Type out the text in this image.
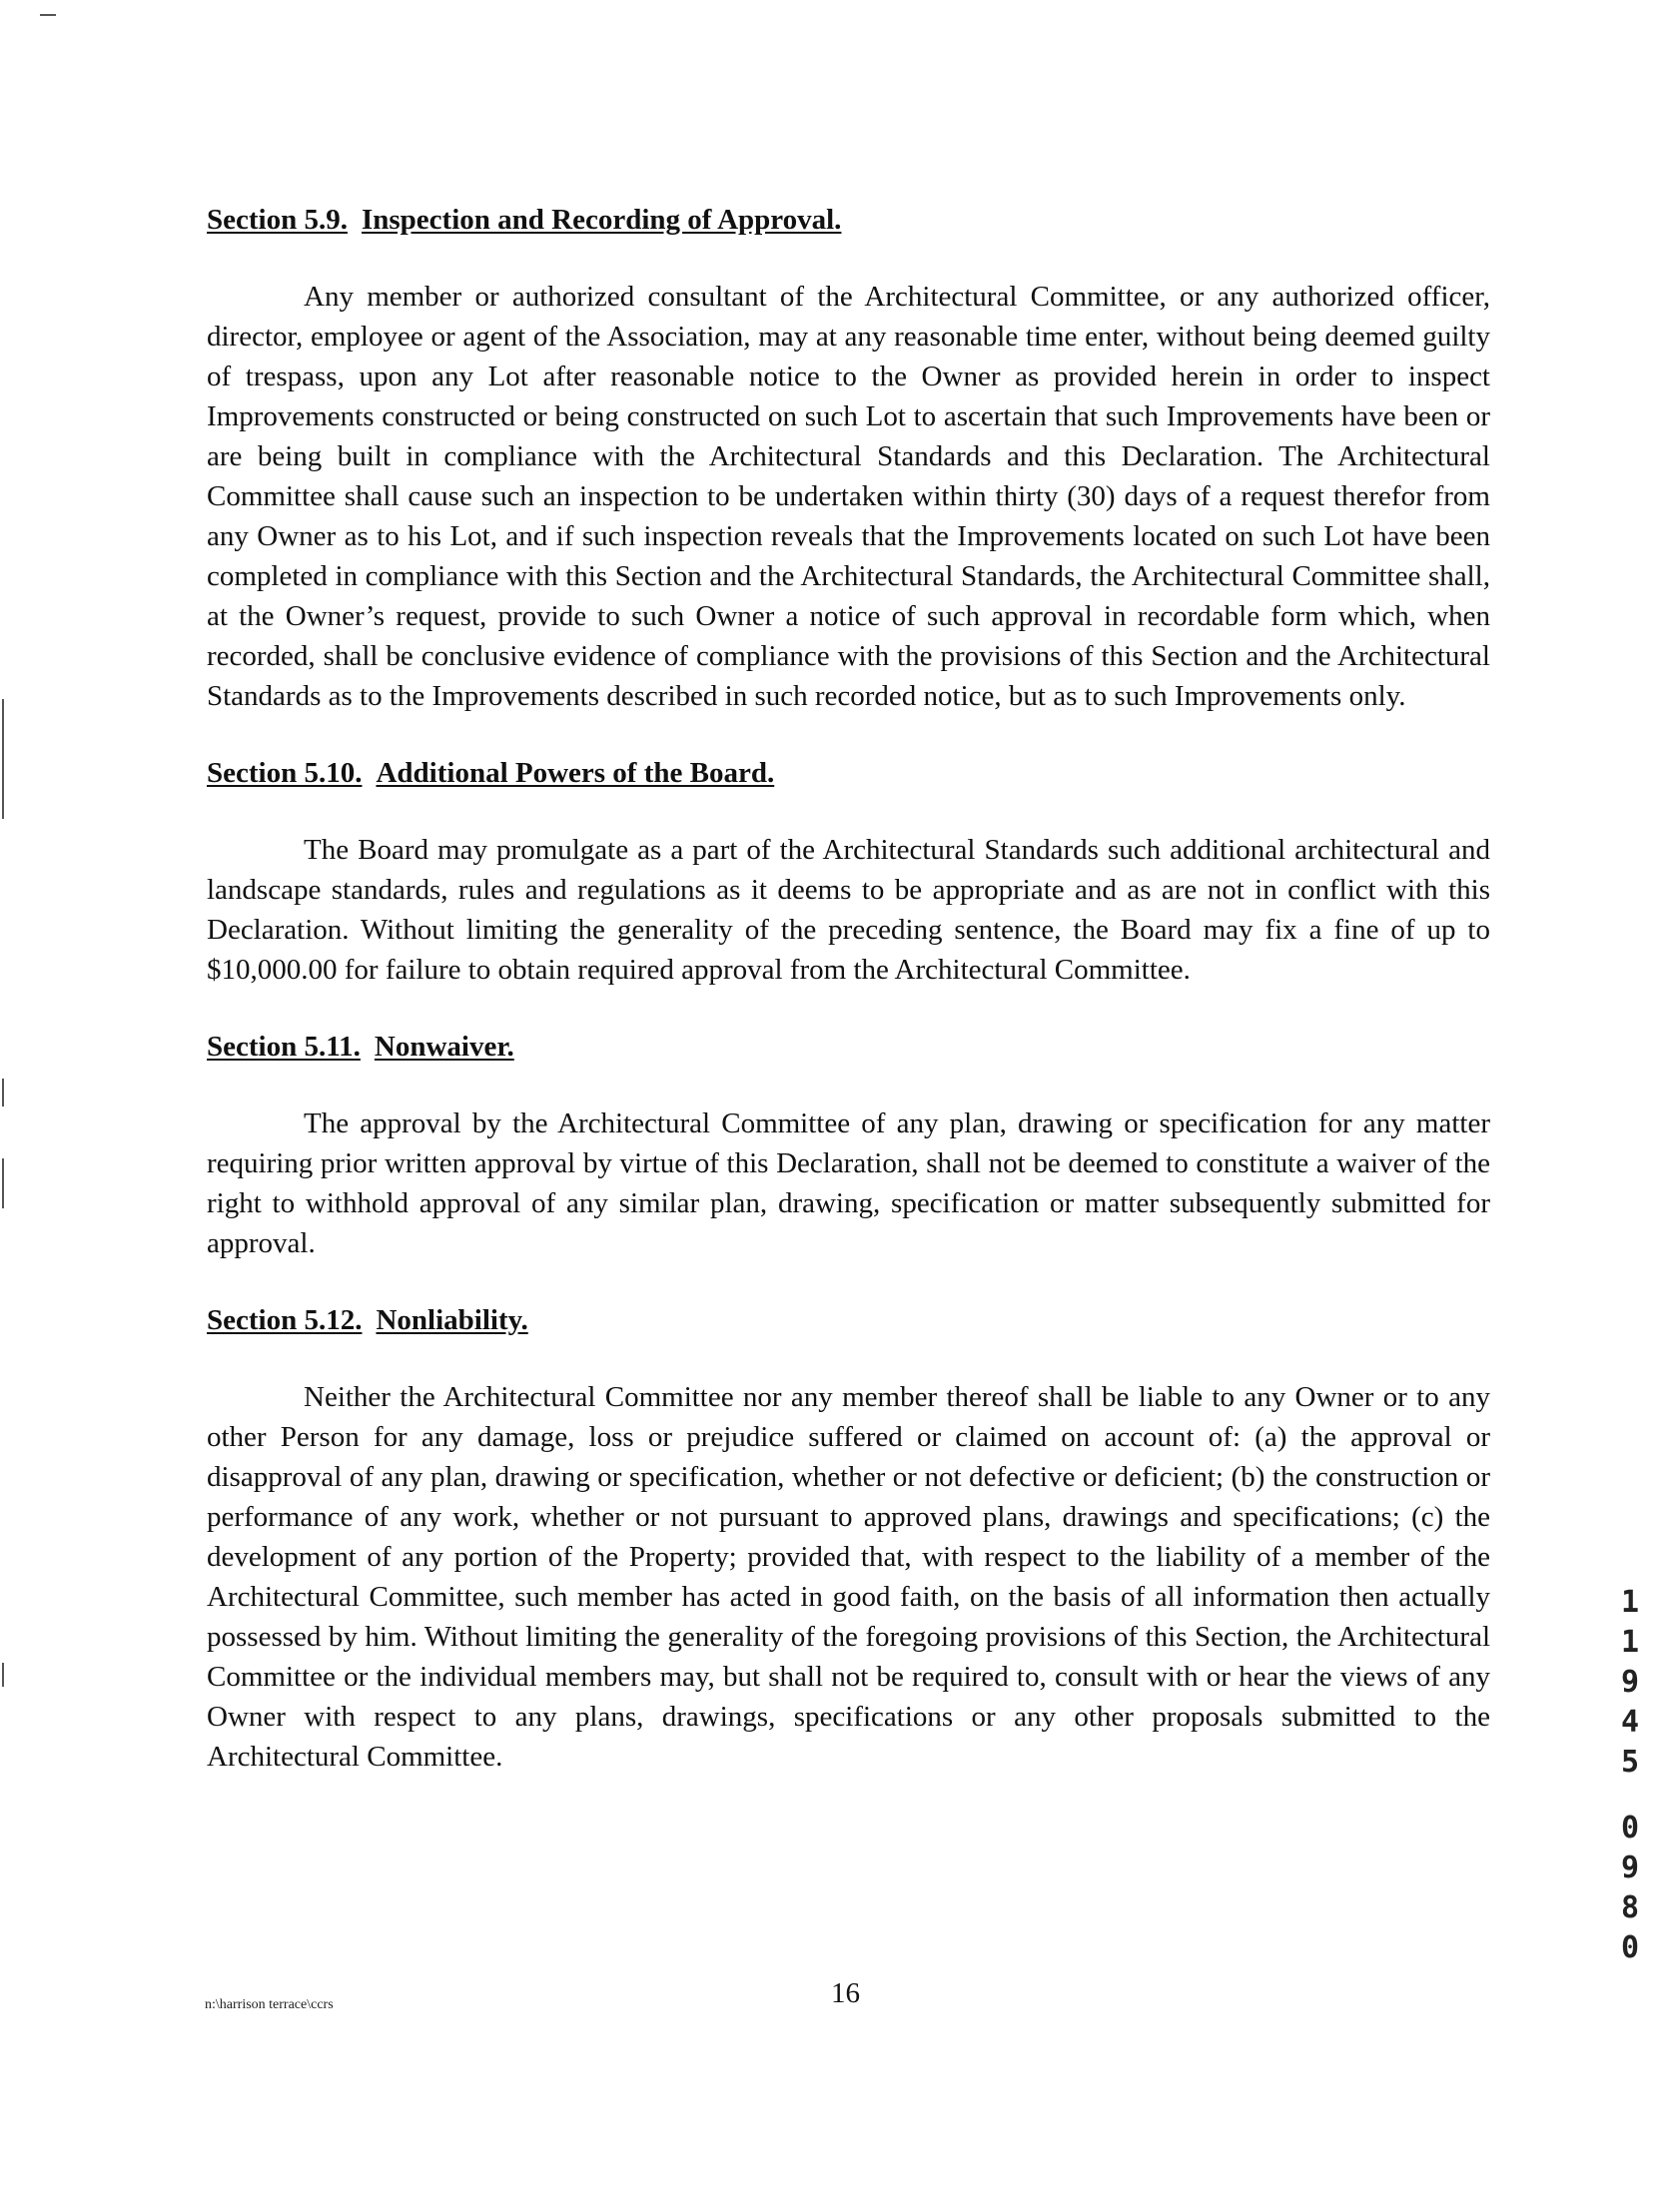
Section 5.9. Inspection and Recording of Approval.

Any member or authorized consultant of the Architectural Committee, or any authorized officer, director, employee or agent of the Association, may at any reasonable time enter, without being deemed guilty of trespass, upon any Lot after reasonable notice to the Owner as provided herein in order to inspect Improvements constructed or being constructed on such Lot to ascertain that such Improvements have been or are being built in compliance with the Architectural Standards and this Declaration. The Architectural Committee shall cause such an inspection to be undertaken within thirty (30) days of a request therefor from any Owner as to his Lot, and if such inspection reveals that the Improvements located on such Lot have been completed in compliance with this Section and the Architectural Standards, the Architectural Committee shall, at the Owner’s request, provide to such Owner a notice of such approval in recordable form which, when recorded, shall be conclusive evidence of compliance with the provisions of this Section and the Architectural Standards as to the Improvements described in such recorded notice, but as to such Improvements only.

Section 5.10. Additional Powers of the Board.

The Board may promulgate as a part of the Architectural Standards such additional architectural and landscape standards, rules and regulations as it deems to be appropriate and as are not in conflict with this Declaration. Without limiting the generality of the preceding sentence, the Board may fix a fine of up to $10,000.00 for failure to obtain required approval from the Architectural Committee.

Section 5.11. Nonwaiver.

The approval by the Architectural Committee of any plan, drawing or specification for any matter requiring prior written approval by virtue of this Declaration, shall not be deemed to constitute a waiver of the right to withhold approval of any similar plan, drawing, specification or matter subsequently submitted for approval.

Section 5.12. Nonliability.

Neither the Architectural Committee nor any member thereof shall be liable to any Owner or to any other Person for any damage, loss or prejudice suffered or claimed on account of: (a) the approval or disapproval of any plan, drawing or specification, whether or not defective or deficient; (b) the construction or performance of any work, whether or not pursuant to approved plans, drawings and specifications; (c) the development of any portion of the Property; provided that, with respect to the liability of a member of the Architectural Committee, such member has acted in good faith, on the basis of all information then actually possessed by him. Without limiting the generality of the foregoing provisions of this Section, the Architectural Committee or the individual members may, but shall not be required to, consult with or hear the views of any Owner with respect to any plans, drawings, specifications or any other proposals submitted to the Architectural Committee.

1
1
9
4
5
0
9
8
0
n:\harrison terrace\ccrs	16
